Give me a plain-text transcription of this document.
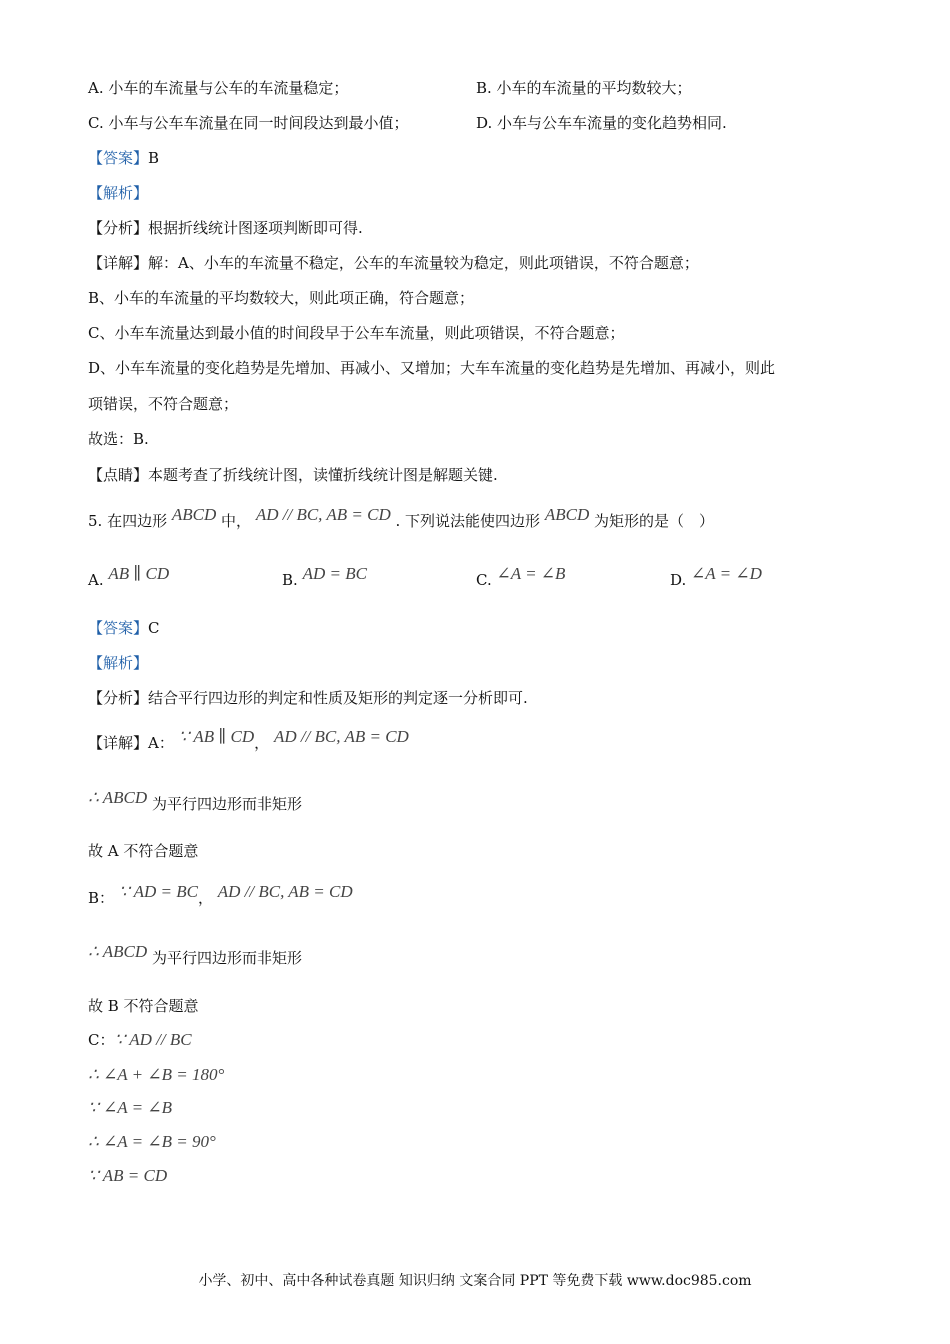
A. 小车的车流量与公车的车流量稳定；	B. 小车的车流量的平均数较大；
C. 小车与公车车流量在同一时间段达到最小值；	D. 小车与公车车流量的变化趋势相同.
【答案】B
【解析】
【分析】根据折线统计图逐项判断即可得.
【详解】解：A、小车的车流量不稳定，公车的车流量较为稳定，则此项错误，不符合题意；
B、小车的车流量的平均数较大，则此项正确，符合题意；
C、小车车流量达到最小值的时间段早于公车车流量，则此项错误，不符合题意；
D、小车车流量的变化趋势是先增加、再减小、又增加；大车车流量的变化趋势是先增加、再减小，则此
项错误，不符合题意；
故选：B.
【点睛】本题考查了折线统计图，读懂折线统计图是解题关键.
5. 在四边形 ABCD 中， AD // BC, AB = CD . 下列说法能使四边形 ABCD 为矩形的是（　）
A. AB ∥ CD	B. AD = BC	C. ∠A = ∠B	D. ∠A = ∠D
【答案】C
【解析】
【分析】结合平行四边形的判定和性质及矩形的判定逐一分析即可.
【详解】A： ∵ AB ∥ CD， AD // BC, AB = CD
∴ ABCD 为平行四边形而非矩形
故 A 不符合题意
B： ∵ AD = BC， AD // BC, AB = CD
∴ ABCD 为平行四边形而非矩形
故 B 不符合题意
C：∵ AD // BC
∴ ∠A + ∠B = 180°
∵ ∠A = ∠B
∴ ∠A = ∠B = 90°
∵ AB = CD
小学、初中、高中各种试卷真题 知识归纳 文案合同 PPT 等免费下载 www.doc985.com
